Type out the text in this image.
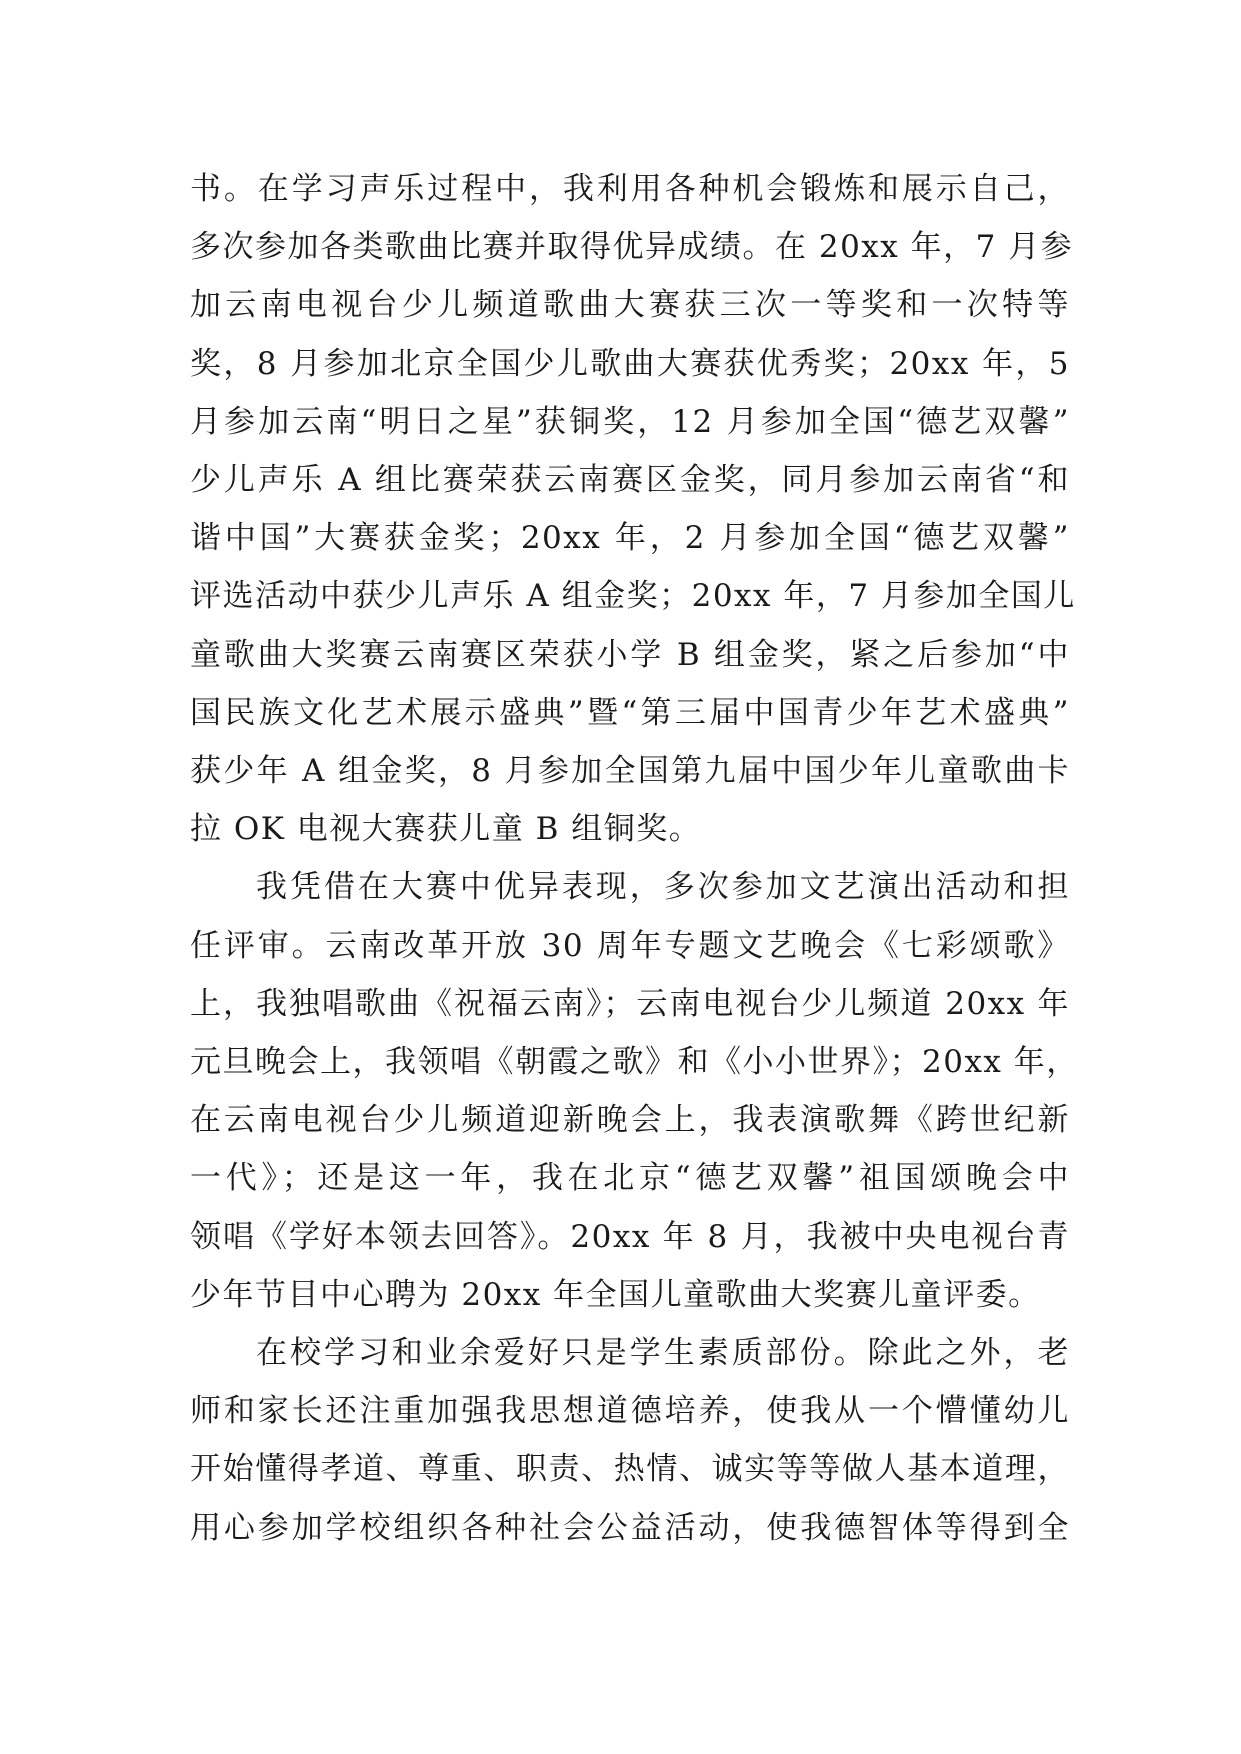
书。在学习声乐过程中，我利用各种机会锻炼和展示自己，
多次参加各类歌曲比赛并取得优异成绩。在 20xx 年，7 月参
加云南电视台少儿频道歌曲大赛获三次一等奖和一次特等
奖，8 月参加北京全国少儿歌曲大赛获优秀奖；20xx 年，5
月参加云南“明日之星”获铜奖，12 月参加全国“德艺双馨”
少儿声乐 A 组比赛荣获云南赛区金奖，同月参加云南省“和
谐中国”大赛获金奖；20xx 年，2 月参加全国“德艺双馨”
评选活动中获少儿声乐 A 组金奖；20xx 年，7 月参加全国儿
童歌曲大奖赛云南赛区荣获小学 B 组金奖，紧之后参加“中
国民族文化艺术展示盛典”暨“第三届中国青少年艺术盛典”
获少年 A 组金奖，8 月参加全国第九届中国少年儿童歌曲卡
拉 OK 电视大赛获儿童 B 组铜奖。
我凭借在大赛中优异表现，多次参加文艺演出活动和担
任评审。云南改革开放 30 周年专题文艺晚会《七彩颂歌》
上，我独唱歌曲《祝福云南》；云南电视台少儿频道 20xx 年
元旦晚会上，我领唱《朝霞之歌》和《小小世界》；20xx 年，
在云南电视台少儿频道迎新晚会上，我表演歌舞《跨世纪新
一代》；还是这一年，我在北京“德艺双馨”祖国颂晚会中
领唱《学好本领去回答》。20xx 年 8 月，我被中央电视台青
少年节目中心聘为 20xx 年全国儿童歌曲大奖赛儿童评委。
在校学习和业余爱好只是学生素质部份。除此之外，老
师和家长还注重加强我思想道德培养，使我从一个懵懂幼儿
开始懂得孝道、尊重、职责、热情、诚实等等做人基本道理，
用心参加学校组织各种社会公益活动，使我德智体等得到全
